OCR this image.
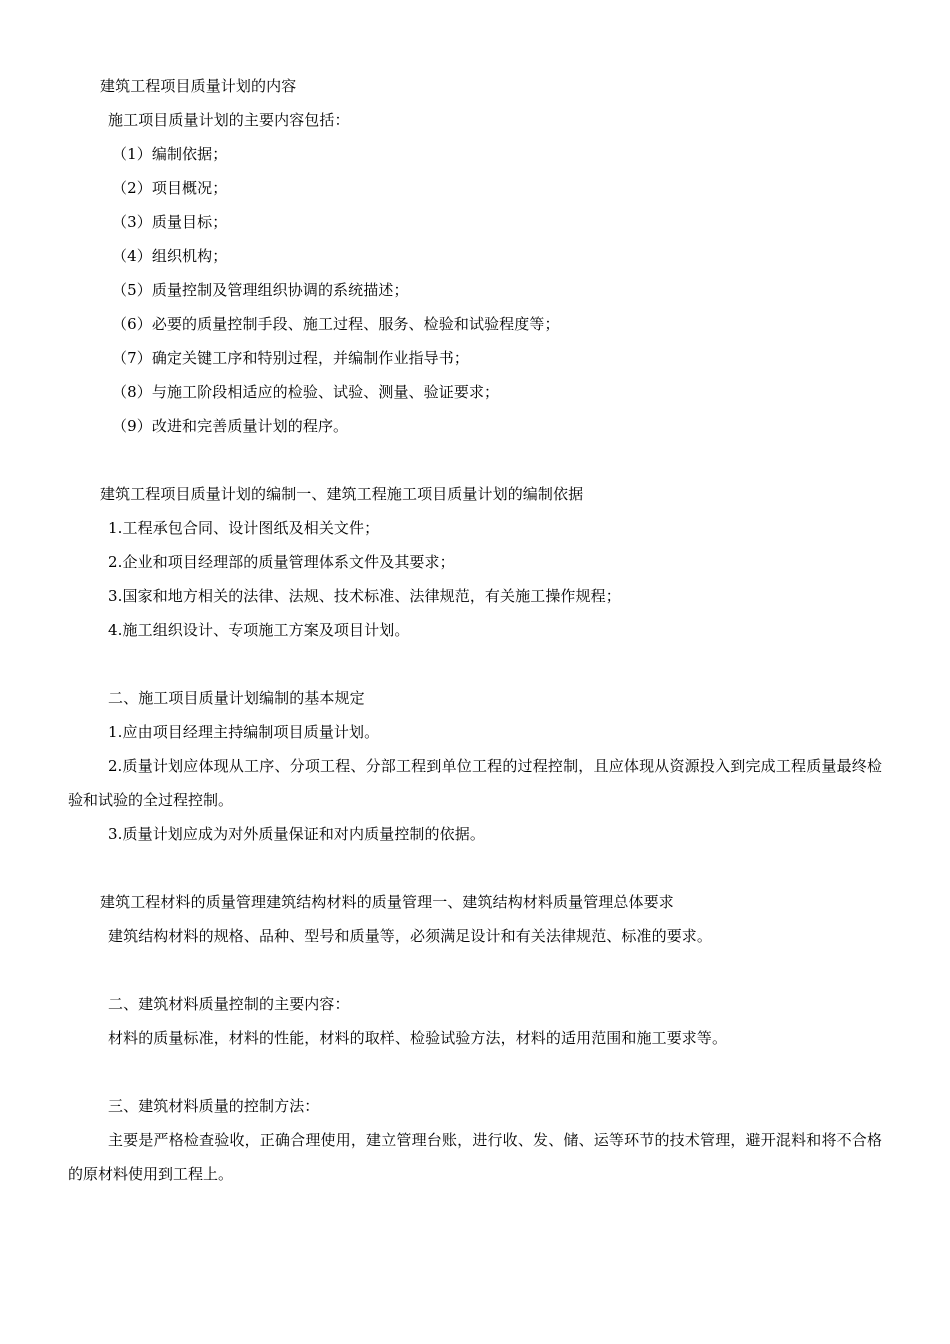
建筑工程项目质量计划的内容
施工项目质量计划的主要内容包括：
（1）编制依据；
（2）项目概况；
（3）质量目标；
（4）组织机构；
（5）质量控制及管理组织协调的系统描述；
（6）必要的质量控制手段、施工过程、服务、检验和试验程度等；
（7）确定关键工序和特别过程，并编制作业指导书；
（8）与施工阶段相适应的检验、试验、测量、验证要求；
（9）改进和完善质量计划的程序。
建筑工程项目质量计划的编制一、建筑工程施工项目质量计划的编制依据
1.工程承包合同、设计图纸及相关文件；
2.企业和项目经理部的质量管理体系文件及其要求；
3.国家和地方相关的法律、法规、技术标准、法律规范，有关施工操作规程；
4.施工组织设计、专项施工方案及项目计划。
二、施工项目质量计划编制的基本规定
1.应由项目经理主持编制项目质量计划。
2.质量计划应体现从工序、分项工程、分部工程到单位工程的过程控制，且应体现从资源投入到完成工程质量最终检验和试验的全过程控制。
3.质量计划应成为对外质量保证和对内质量控制的依据。
建筑工程材料的质量管理建筑结构材料的质量管理一、建筑结构材料质量管理总体要求
建筑结构材料的规格、品种、型号和质量等，必须满足设计和有关法律规范、标准的要求。
二、建筑材料质量控制的主要内容：
材料的质量标准，材料的性能，材料的取样、检验试验方法，材料的适用范围和施工要求等。
三、建筑材料质量的控制方法：
主要是严格检查验收，正确合理使用，建立管理台账，进行收、发、储、运等环节的技术管理，避开混料和将不合格的原材料使用到工程上。
